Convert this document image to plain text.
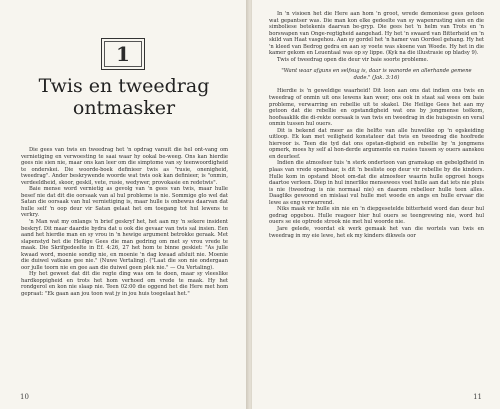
1
Twis en tweedrag
ontmasker

Die gees van twis en tweedrag het 'n opdrag vanuit die hel ont-vang om vernietiging en verwoesting te saai waar hy ookal be-weeg. Ons kan hierdie gees nie sien nie, maar ons kan leer om die simptome van sy teenwoordigheid te onderskei. Die woorde-boek definieer twis as "rusie, onenigheid, tweedrag". Ander beskrywende woorde wat twis ook kan definieer, is "onmin, verdeeldheid, skoor, geskil, vete, rusie, wedywer, provokasie en redetwis".

Baie mense word vernietig as gevolg van 'n gees van twis, maar hulle besef nie dat dit die oorsaak van al hul probleme is nie. Sommige glo wel dat Satan die oorsaak van hul vernietiging is, maar hulle is onbewus daarvan dat hulle self 'n oop deur vir Satan gelaat het om toegang tot hul lewens te verkry.

'n Man wat my onlangs 'n brief geskryf het, het aan my 'n sekere insident beskryf. Dit maar daardie bydra dat u ook die gevaar van twis sal insien. Een aand het hierdie man en sy vrou in 'n hewige argument betrokke geraak. Met slapenstyd het die Heilige Gees die man gedring om met sy vrou vrede te maak. Die Skrifgedeelte in Ef. 4:26, 27 het hom te binne geskiet: "As julle kwaad word, moenie sondig nie, en moenie 'n dag kwaad afsluit nie. Moenie die duiwel vatkans gee nie." (Nuwe Vertaling). ("Laat die son nie ondergaan oor julle toorn nie en gee aan die duiwel geen plek nie." — Ou Vertaling).

Hy het geweet dat dit die regte ding was om te doen, maar sy vleeslike hardkoppigheid en trots het hom verhoed om vrede te maak. Hy het rondgerol en kon nie slaap nie. Teen 02:00 die oggend het die Here met hom gepraat: "Ek gaan aan jou toon wat jy in jou huis toegelaat het."

10

In 'n visioen het die Here aan hom 'n groot, wrede demoniese gees getoon wat gepantser was. Die man kon elke gedeelte van sy wapenrusting sien en die simboliese betekenis daarvan be-gryp. Die gees het 'n helm van Trots en 'n borswapen van Onge-regtigheid aangehad. Hy het 'n swaard van Bitterheid en 'n skild van Haat vasgehou. Aan sy gordel het 'n hamer van Oordeel gehang. Hy het 'n kleed van Bedrog gedra en aan sy voete was skoene van Woede. Hy het in die kamer gekom en Leuentaal was op sy lippe. (Kyk na die illustrasie op bladsy 9).

Twis of tweedrag open die deur vir baie soorte probleme.

"Want waar afguns en selfsug is, daar is wanorde en allerhande gemene dade." (Jak. 3:16)

Hierdie is 'n geweldige waarheid! Dit loon aan ons dat indien ons twis en tweedrag of onmin uit ons lewens kan weer, ons ook in staat sal wees om baie probleme, verwarring en rebellie uit te skakel. Die Heilige Gees het aan my getoon dat die rebellie en opstandigheid wat ons by jongmense teëkom, hoofsaaklik die di-rekte oorsaak is van twis en tweedrag in die huisgesin en veral onmin tussen hul ouers.

Dit is bekend dat meer as die helfte van alle huwelike op 'n egskeiding uitloop. Ek kan met veiligheid konstateer dat twis en tweedrag die hoofrede hiervoor is. Teen die tyd dat ons opstan-digheid en rebellie by 'n jongmens opmerk, moes hy self al hon-derde argumente en rusies tussen sy ouers aanskou en deurleef.

Indien die atmosfeer tuis 'n sterk ondertoon van gramskap en gebelgdheid in plaas van vrede openbaar, is dit 'n besliste oop deur vir rebellie by die kinders. Hulle kom in opstand bloot om-dat die atmosfeer waarin hulle opgroei hoogs daartoe verleen. Diep in hul innerlike mensewees voel hulle aan dat iets nie pluis is nie (tweedrag is nie normaal nie) en daarom rebelleer hulle teen alles. Daagliks gewoond en mislaai vul hulle met woede en angs en hulle ervaar die lewe as eng verwarrend.

Niks maak vir hulle sin nie en 'n diepgesetelde bitterheid word dan deur hul gedrag opgebou. Hulle reageer hier hul ouers se teengrewing nie, word hul ouers se eie optrede strook nie met hul woorde nie.

Jare gelede, voordat ek werk gemaak het van die wortels van twis en tweedrag in my eie lewe, het ek my kinders dikwels oor

11
